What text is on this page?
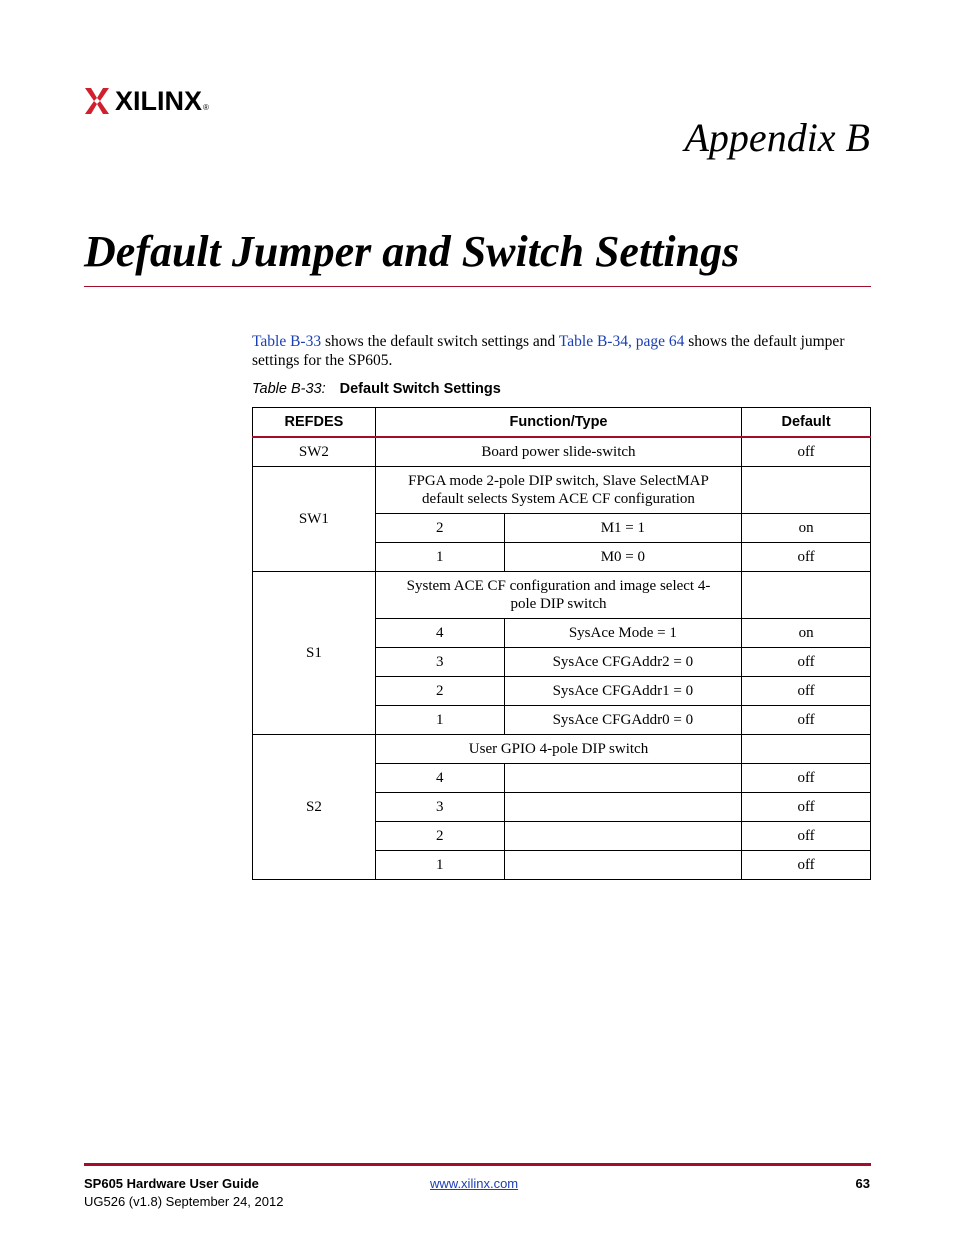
XILINX ®
Appendix B
Default Jumper and Switch Settings

Table B-33 shows the default switch settings and Table B-34, page 64 shows the default jumper settings for the SP605.

Table B-33: Default Switch Settings
REFDES	Function/Type		Default
SW2	Board power slide-switch		off
SW1	FPGA mode 2-pole DIP switch, Slave SelectMAP default selects System ACE CF configuration		
	2	M1 = 1	on
	1	M0 = 0	off
S1	System ACE CF configuration and image select 4-pole DIP switch		
	4	SysAce Mode = 1	on
	3	SysAce CFGAddr2 = 0	off
	2	SysAce CFGAddr1 = 0	off
	1	SysAce CFGAddr0 = 0	off
S2	User GPIO 4-pole DIP switch		
	4		off
	3		off
	2		off
	1		off
SP605 Hardware User Guide
UG526 (v1.8) September 24, 2012
www.xilinx.com	63
